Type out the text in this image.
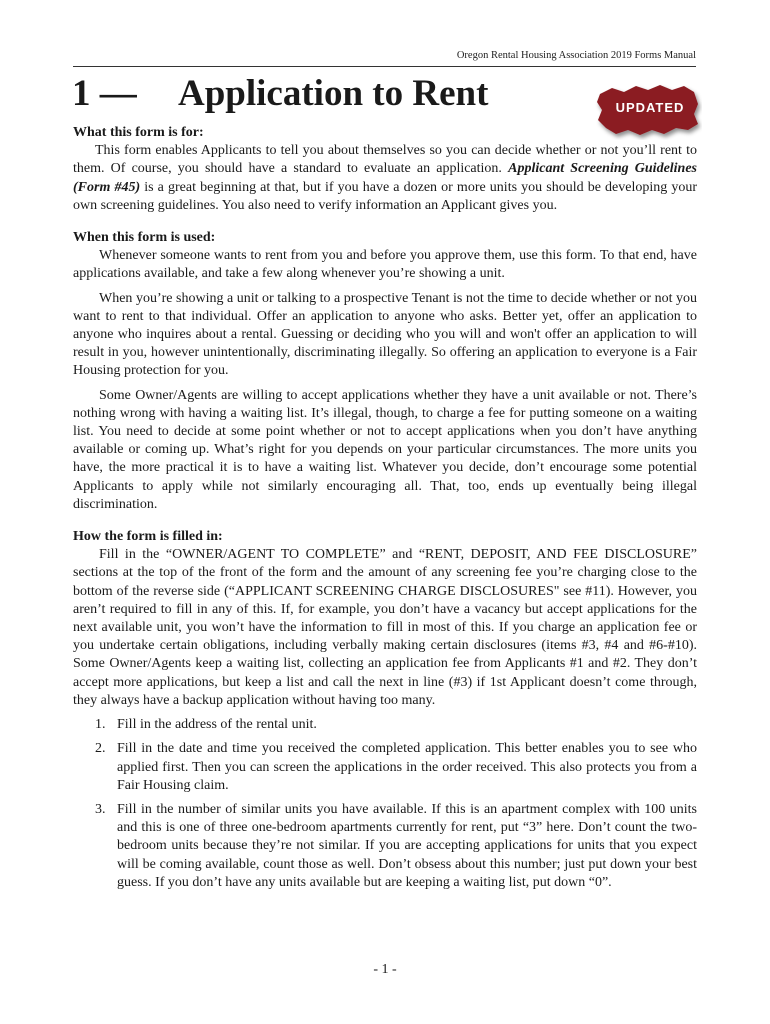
Oregon Rental Housing Association 2019 Forms Manual
1 — Application to Rent	UPDATED

What this form is for:

This form enables Applicants to tell you about themselves so you can decide whether or not you’ll rent to them. Of course, you should have a standard to evaluate an application. Applicant Screening Guidelines (Form #45) is a great beginning at that, but if you have a dozen or more units you should be developing your own screening guidelines. You also need to verify information an Applicant gives you.

When this form is used:

Whenever someone wants to rent from you and before you approve them, use this form. To that end, have applications available, and take a few along whenever you’re showing a unit.

When you’re showing a unit or talking to a prospective Tenant is not the time to decide whether or not you want to rent to that individual. Offer an application to anyone who asks. Better yet, offer an application to anyone who inquires about a rental. Guessing or deciding who you will and won't offer an application to will result in you, however unintentionally, discriminating illegally. So offering an application to everyone is a Fair Housing protection for you.

Some Owner/Agents are willing to accept applications whether they have a unit available or not. There’s nothing wrong with having a waiting list. It’s illegal, though, to charge a fee for putting someone on a waiting list. You need to decide at some point whether or not to accept applications when you don’t have anything available or coming up. What’s right for you depends on your particular circumstances. The more units you have, the more practical it is to have a waiting list. Whatever you decide, don’t encourage some potential Applicants to apply while not similarly encouraging all. That, too, ends up eventually being illegal discrimination.

How the form is filled in:

Fill in the “OWNER/AGENT TO COMPLETE” and “RENT, DEPOSIT, AND FEE DISCLOSURE” sections at the top of the front of the form and the amount of any screening fee you’re charging close to the bottom of the reverse side (“APPLICANT SCREENING CHARGE DISCLOSURES" see #11). However, you aren’t required to fill in any of this. If, for example, you don’t have a vacancy but accept applications for the next available unit, you won’t have the information to fill in most of this. If you charge an application fee or you undertake certain obligations, including verbally making certain disclosures (items #3, #4 and #6-#10). Some Owner/Agents keep a waiting list, collecting an application fee from Applicants #1 and #2. They don’t accept more applications, but keep a list and call the next in line (#3) if 1st Applicant doesn’t come through, they always have a backup application without having too many.

1. Fill in the address of the rental unit.
2. Fill in the date and time you received the completed application. This better enables you to see who applied first. Then you can screen the applications in the order received. This also protects you from a Fair Housing claim.
3. Fill in the number of similar units you have available. If this is an apartment complex with 100 units and this is one of three one-bedroom apartments currently for rent, put “3” here. Don’t count the two-bedroom units because they’re not similar. If you are accepting applications for units that you expect will be coming available, count those as well. Don’t obsess about this number; just put down your best guess. If you don’t have any units available but are keeping a waiting list, put down “0”.
- 1 -
